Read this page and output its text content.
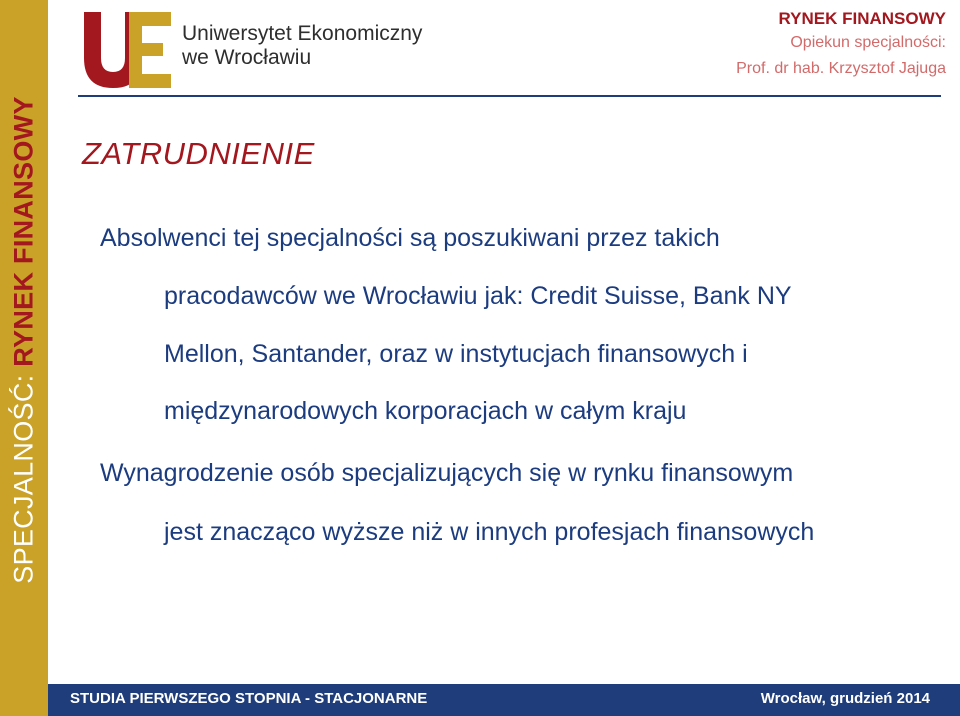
SPECJALNOŚĆ: RYNEK FINANSOWY
Uniwersytet Ekonomiczny
we Wrocławiu
RYNEK FINANSOWY
Opiekun specjalności:
Prof. dr hab. Krzysztof Jajuga
ZATRUDNIENIE
Absolwenci tej specjalności są poszukiwani przez takich
pracodawców we Wrocławiu jak: Credit Suisse, Bank NY
Mellon, Santander, oraz w instytucjach finansowych i
międzynarodowych korporacjach w całym kraju
Wynagrodzenie osób specjalizujących się w rynku finansowym
jest znacząco wyższe niż w innych profesjach finansowych
STUDIA PIERWSZEGO STOPNIA - STACJONARNE	Wrocław, grudzień 2014
